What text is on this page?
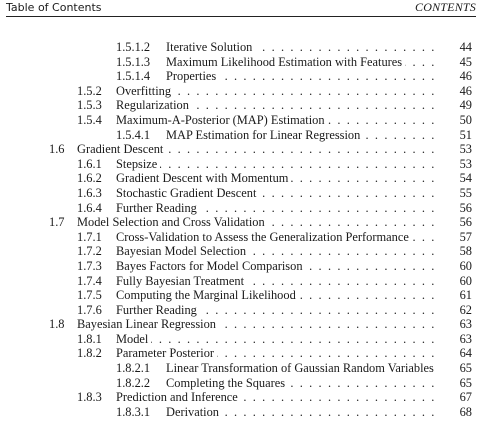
Table of Contents	CONTENTS
1.5.1.2 Iterative Solution . . .	44
1.5.1.3 Maximum Likelihood Estimation with Features . . .	45
1.5.1.4 Properties . . .	46
1.5.2 Overfitting . . .	46
1.5.3 Regularization . . .	49
1.5.4 Maximum-A-Posterior (MAP) Estimation . . .	50
1.5.4.1 MAP Estimation for Linear Regression . . .	51
1.6 Gradient Descent . . .	53
1.6.1 Stepsize . . .	53
1.6.2 Gradient Descent with Momentum . . .	54
1.6.3 Stochastic Gradient Descent . . .	55
1.6.4 Further Reading . . .	56
1.7 Model Selection and Cross Validation . . .	56
1.7.1 Cross-Validation to Assess the Generalization Performance . . .	57
1.7.2 Bayesian Model Selection . . .	58
1.7.3 Bayes Factors for Model Comparison . . .	60
1.7.4 Fully Bayesian Treatment . . .	60
1.7.5 Computing the Marginal Likelihood . . .	61
1.7.6 Further Reading . . .	62
1.8 Bayesian Linear Regression . . .	63
1.8.1 Model . . .	63
1.8.2 Parameter Posterior . . .	64
1.8.2.1 Linear Transformation of Gaussian Random Variables . . .	65
1.8.2.2 Completing the Squares . . .	65
1.8.3 Prediction and Inference . . .	67
1.8.3.1 Derivation . . .	68
